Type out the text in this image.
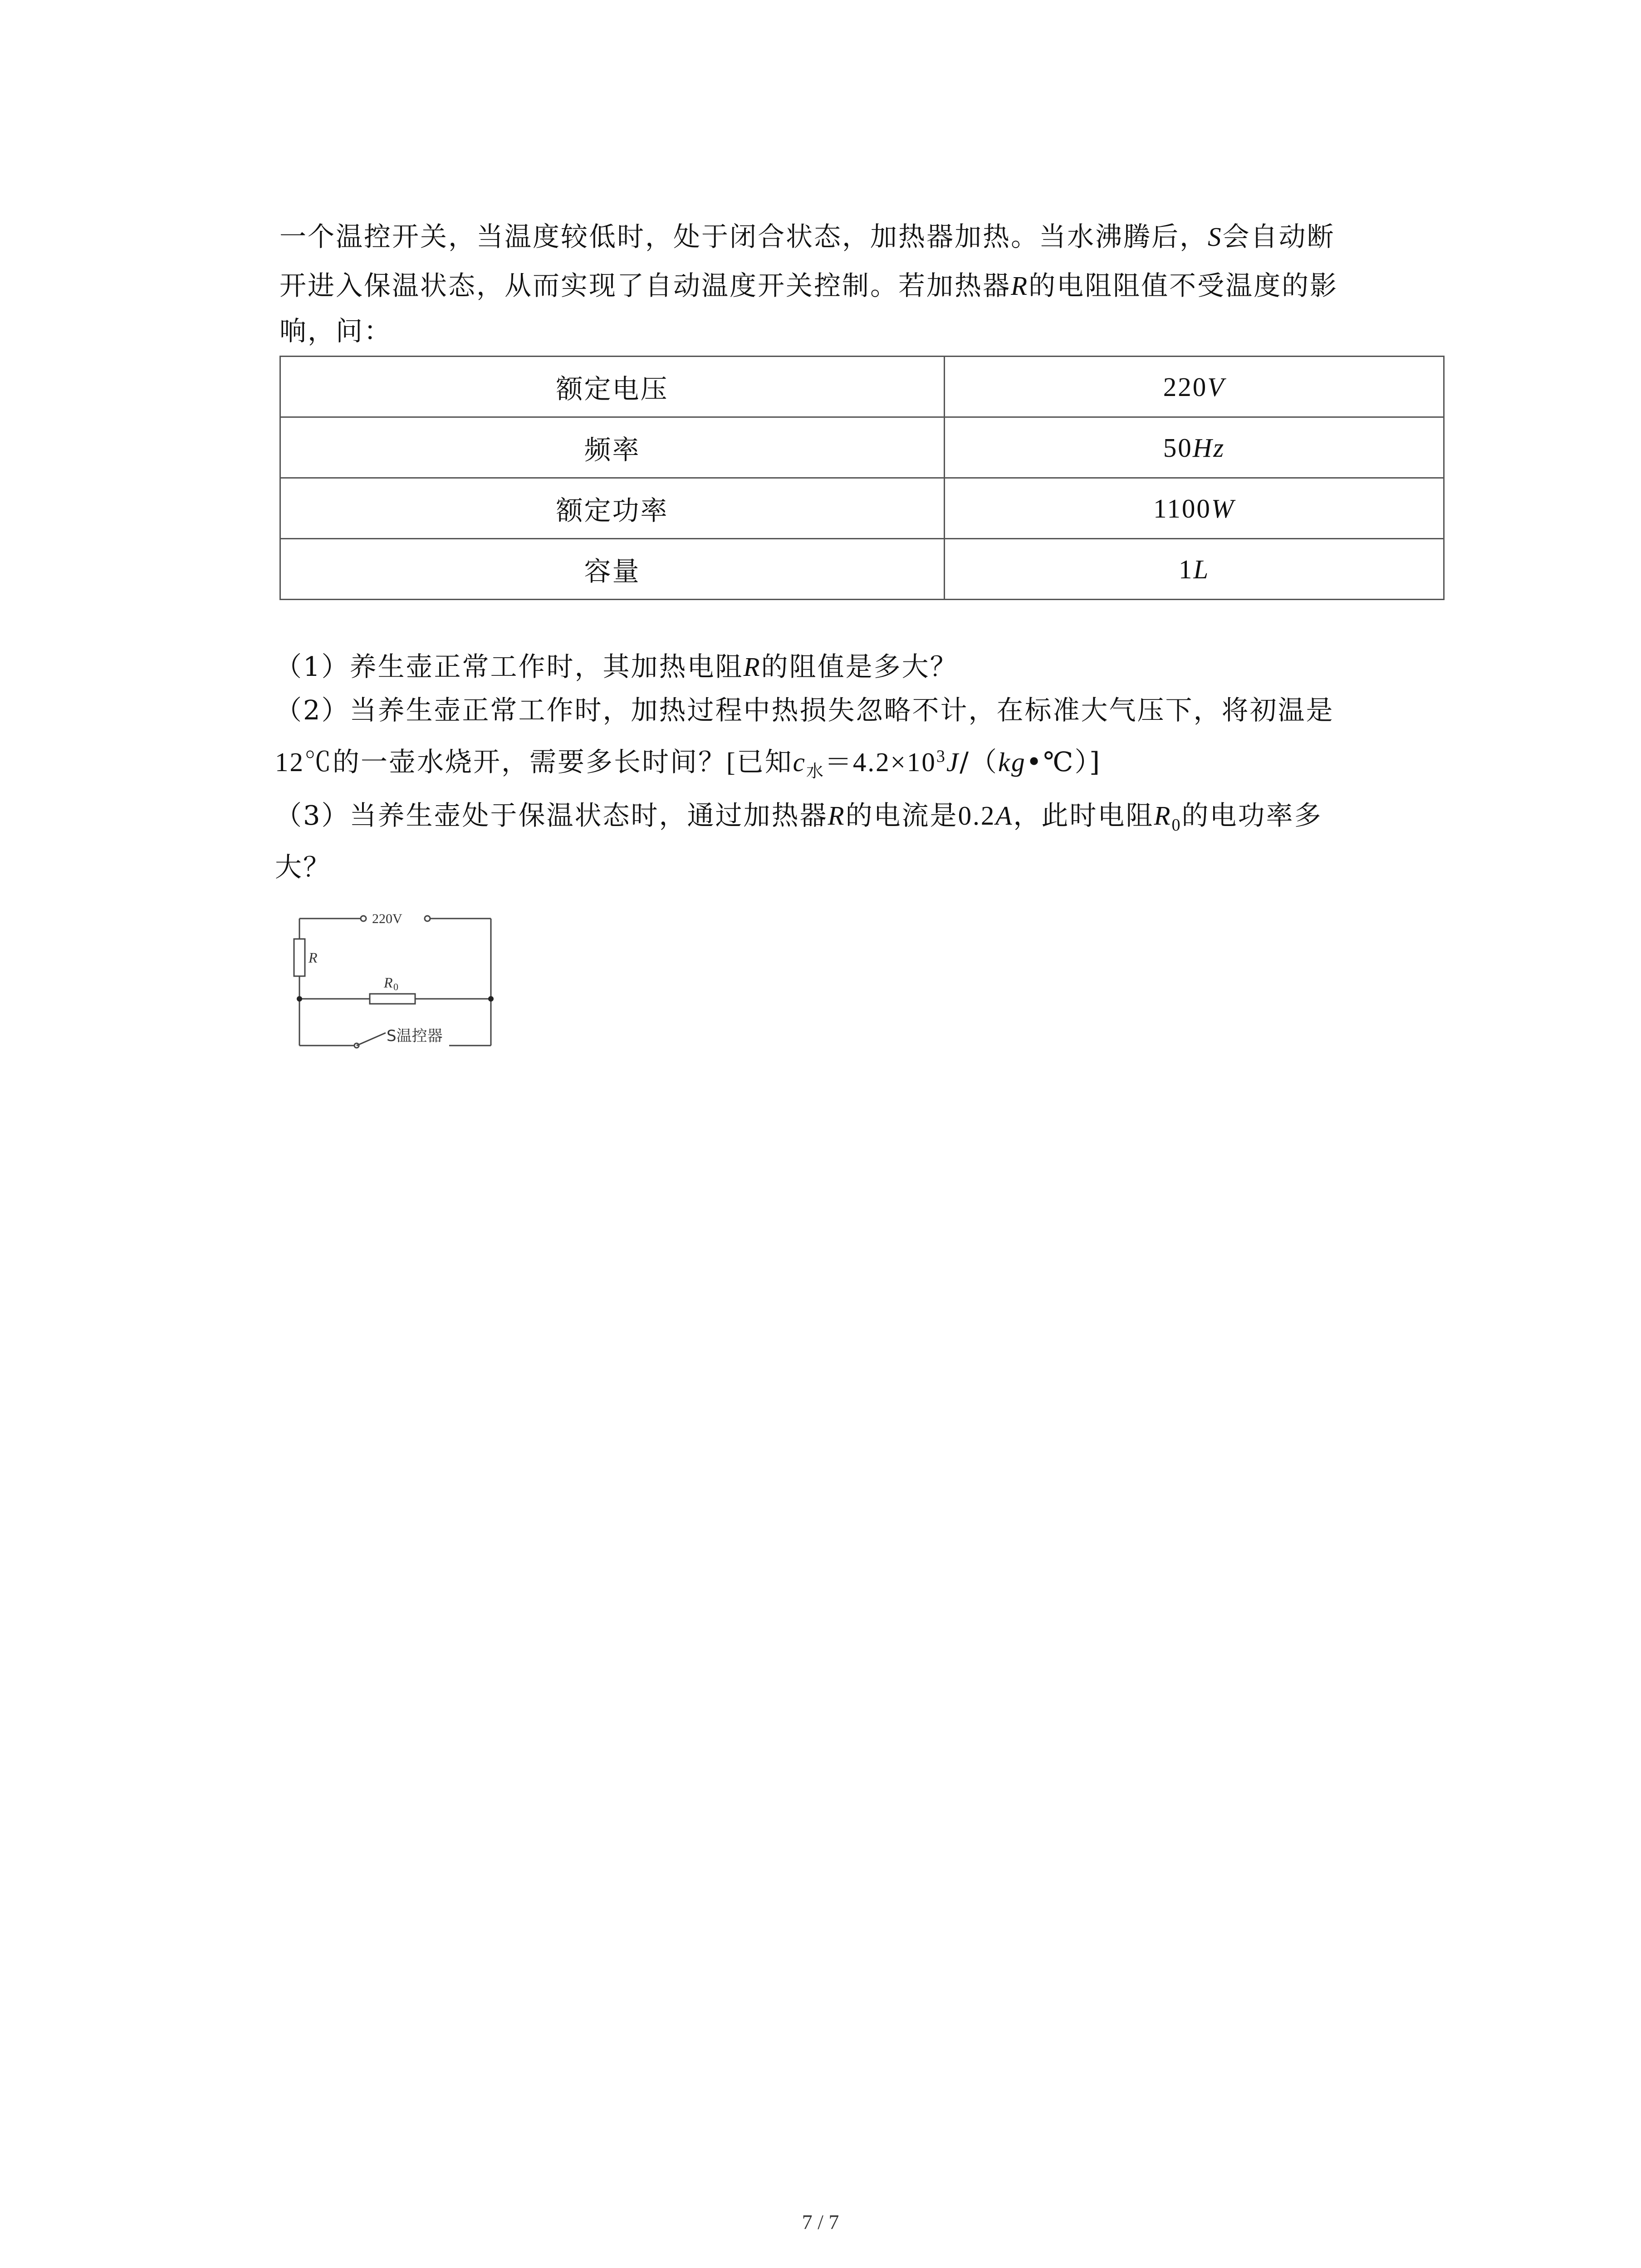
一个温控开关，当温度较低时，处于闭合状态，加热器加热。当水沸腾后，S会自动断

开进入保温状态，从而实现了自动温度开关控制。若加热器R的电阻阻值不受温度的影

响，问：

额定电压	220V
频率	50Hz
额定功率	1100W
容量	1L

（1）养生壶正常工作时，其加热电阻R的阻值是多大？

（2）当养生壶正常工作时，加热过程中热损失忽略不计，在标准大气压下，将初温是

12℃的一壶水烧开，需要多长时间？[已知$c_水=4.2\times 10^3J/(kg•℃)$]

（3）当养生壶处于保温状态时，通过加热器R的电流是0.2A，此时电阻$R_0$的电功率多

大？

220V
R
R 0
S温控器
7 / 7
